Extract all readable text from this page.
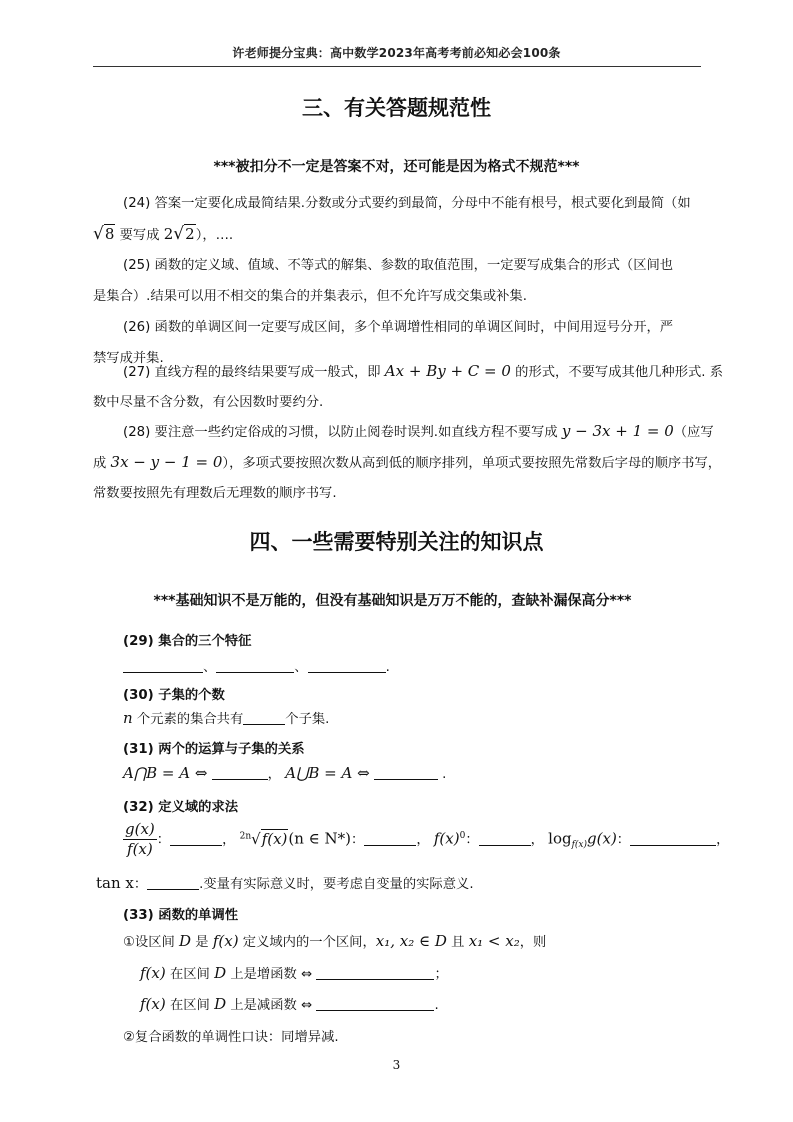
许老师提分宝典：高中数学2023年高考考前必知必会100条
三、有关答题规范性
***被扣分不一定是答案不对，还可能是因为格式不规范***
(24) 答案一定要化成最简结果.分数或分式要约到最简，分母中不能有根号，根式要化到最简（如
√8 要写成 2√2），….
(25) 函数的定义域、值域、不等式的解集、参数的取值范围，一定要写成集合的形式（区间也
是集合）.结果可以用不相交的集合的并集表示，但不允许写成交集或补集.
(26) 函数的单调区间一定要写成区间，多个单调增性相同的单调区间时，中间用逗号分开，严
禁写成并集.
(27) 直线方程的最终结果要写成一般式，即 Ax + By + C = 0 的形式，不要写成其他几种形式. 系
数中尽量不含分数，有公因数时要约分.
(28) 要注意一些约定俗成的习惯，以防止阅卷时误判.如直线方程不要写成 y − 3x + 1 = 0（应写
成 3x − y − 1 = 0），多项式要按照次数从高到低的顺序排列，单项式要按照先常数后字母的顺序书写，
常数要按照先有理数后无理数的顺序书写.
四、一些需要特别关注的知识点
***基础知识不是万能的，但没有基础知识是万万不能的，查缺补漏保高分***
(29) 集合的三个特征
、	、	.
(30) 子集的个数
n 个元素的集合共有	个子集.
(31) 两个的运算与子集的关系
A⋂B = A ⇔	， A⋃B = A ⇔	.
(32) 定义域的求法
$\frac{g(x)}{f(x)}$ ：	， $^{2n}$√f(x)(n ∈ N*)：	， $f(x)^0$：	， $\log_{f(x)}g(x)$：	，
tan x：	.变量有实际意义时，要考虑自变量的实际意义.
(33) 函数的单调性
①设区间 D 是 f(x) 定义域内的一个区间，x₁, x₂ ∈ D 且 x₁ < x₂，则
f(x) 在区间 D 上是增函数 ⇔	；
f(x) 在区间 D 上是减函数 ⇔	.
②复合函数的单调性口诀：同增异减.
3
